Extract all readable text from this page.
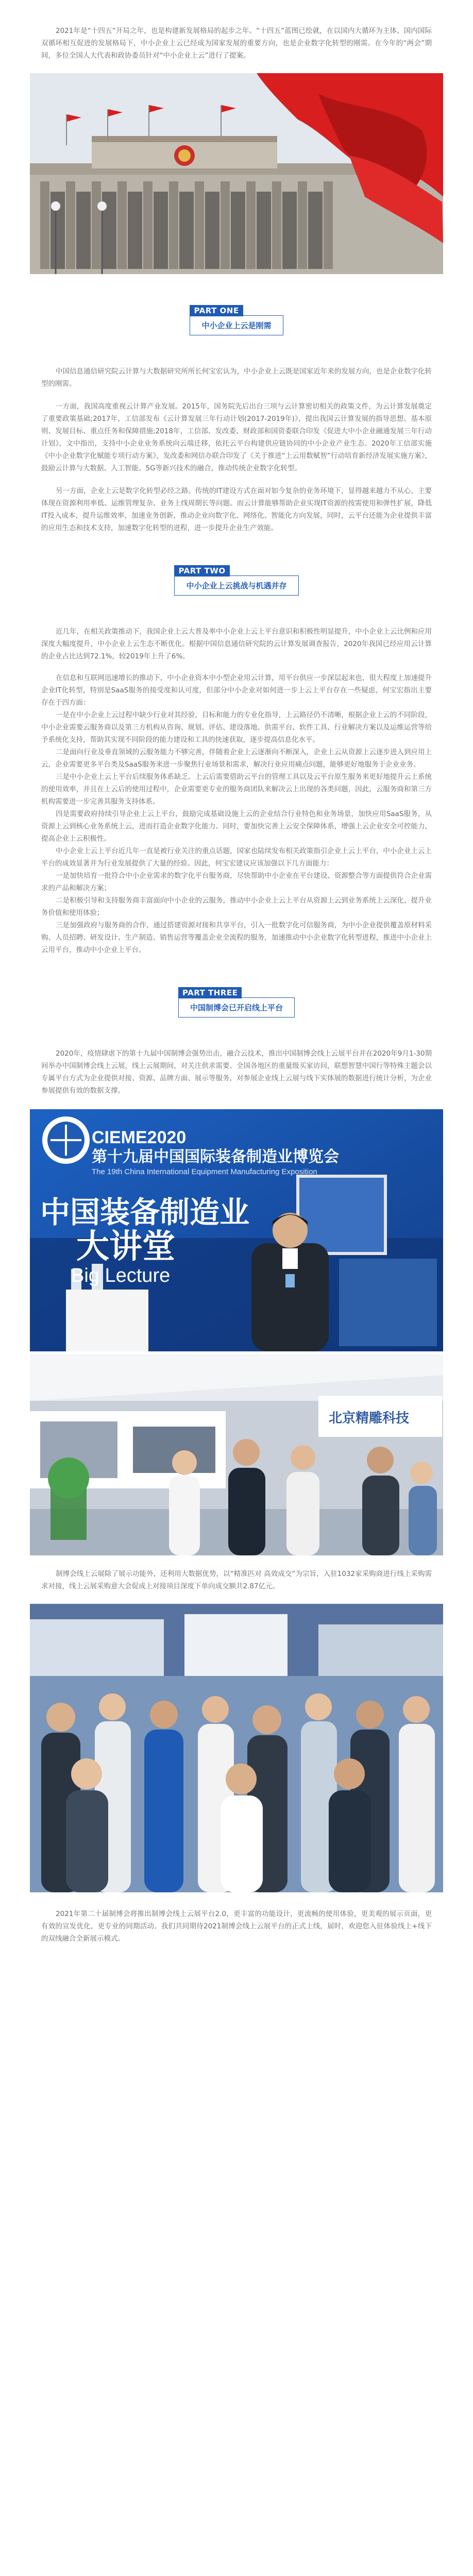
2021年是“十四五”开局之年，也是构建新发展格局的起步之年。“十四五”蓝图已绘就，在以国内大循环为主体、国内国际双循环相互促进的发展格局下，中小企业上云已经成为国家发展的重要方向，也是企业数字化转型的刚需。在今年的“两会”期间，多位全国人大代表和政协委员针对“中小企业上云”进行了提案。

PART ONE
中小企业上云是刚需

中国信息通信研究院云计算与大数据研究所所长何宝宏认为，中小企业上云既是国家近年来的发展方向，也是企业数字化转型的刚需。

一方面，我国高度重视云计算产业发展。2015年，国务院先后出台三项与云计算密切相关的政策文件，为云计算发展奠定了重要政策基础;2017年，工信部发布《云计算发展三年行动计划(2017-2019年)》，提出我国云计算发展的指导思想、基本原则、发展目标、重点任务和保障措施;2018年，工信部、发改委、财政部和国资委联合印发《促进大中小企业融通发展三年行动计划》，文中指出，支持中小企业业务系统向云端迁移，依托云平台构建供应链协同的中小企业产业生态。2020年工信部实施《中小企业数字化赋能专项行动方案》，发改委和网信办联合印发了《关于推进“上云用数赋智”行动培育新经济发展实施方案》，鼓励云计算与大数据、人工智能、5G等新兴技术的融合，推动传统企业数字化转型。

另一方面，企业上云是数字化转型必经之路。传统的IT建设方式在面对如今复杂的业务环境下，显得越来越力不从心，主要体现在资源利用率低、运维管理复杂、业务上线周期长等问题。而云计算能够帮助企业实现IT资源的按需使用和弹性扩展，降低IT投入成本，提升运维效率，加速业务创新，推动企业向数字化、网络化、智能化方向发展，同时，云平台还能为企业提供丰富的应用生态和技术支持，加速数字化转型的进程，进一步提升企业生产效能。

PART TWO
中小企业上云挑战与机遇并存

近几年，在相关政策推动下，我国企业上云大普及率中小企业上云上平台意识和积极性明显提升，中小企业上云比例和应用深度大幅度提升，中小企业上云生态不断优化。根据中国信息通信研究院的云计算发展调查报告，2020年我国已经应用云计算的企业占比达到72.1%，较2019年上升了6%。

在信息和互联网迅速增长的推动下，中小企业资本中小型企业用云计算，用平台供应一步深层起来也，很大程度上加速提升企业IT化转型，特别是SaaS服务的接受度和认可度，但部分中小企业对如何进一步上云上平台存在一些疑虑，何宝宏指出主要存在于四方面：

一是在中小企业上云过程中缺少行业对其经验，目标和能力的专业化指导，上云路径仍不清晰，根据企业上云的不同阶段，中小企业需要云服务商以及第三方机构从咨询、规划、评估、建设落地、供需平台、软件工具、行业解决方案以及运维运营等给予系统化支持，帮助其实现不同阶段的能力建设和工具的快速获取，逐步提高信息化水平。

二是面向行业及垂直领域的云服务能力不够完善，伴随着企业上云逐渐向不断深入，企业上云从资源上云逐步进入到应用上云，企业需要更多平台类及SaaS服务来进一步聚焦行业场景和需求，解决行业应用痛点问题，能够更好地服务于企业业务。

三是中小企业上云上平台后续服务体系缺乏。上云后需要借助云平台的管理工具以及云平台原生服务来更好地提升云上系统的使用效率，并且在上云后的使用过程中，企业需要更专业的服务商团队来解决云上出现的各类问题，因此，云服务商和第三方机构需要进一步完善其服务支持体系。

四是需要政府持续引导企业上云上平台，鼓励完成基础设施上云的企业结合行业特色和业务场景，加快应用SaaS服务，从资源上云到核心业务系统上云，进而打造企业数字化能力。同时，要加快完善上云安全保障体系，增强上云企业安全可控能力，提高企业上云积极性。

中小企业上云上平台近几年一直是被行业关注的重点话题，国家也陆续发布相关政策指引企业上云上平台，中小企业上云上平台的成效显著并为行业发展提供了大量的经验。因此，何宝宏建议应该加强以下几方面能力：

一是加快培育一批符合中小企业需求的数字化平台服务商，尽快帮助中小企业在平台建设、资源整合等方面提供符合企业需求的产品和解决方案；

二是积极引导和支持服务商丰富面向中小企业的云服务，推动中小企业上云上平台从资源上云到业务系统上云深化，提升业务价值和使用体验；

三是加强政府与服务商的合作，通过搭建资源对接和共享平台，引入一批数字化可信服务商，为中小企业提供覆盖原材料采购、人员招聘、研发设计、生产制造、销售运营等覆盖企业全流程的服务，加速推动中小企业数字化转型进程，推进中小企业上云用平台，推动中小企业上平台。

PART THREE
中国制博会已开启线上平台

2020年，疫情肆虐下的第十九届中国制博会强势出击，融合云技术，推出中国制博会线上云展平台并在2020年9月1-30期间举办中国制博会线上云展，线上云展期间，对关注供求需要、全国各地区的重量级买家访问，联想智慧中国行等特殊主题会以专属平台方式为企业提供对接、资源、品牌方面、展示等服务，对参展企业线上云展与线下实体展的数据进行统计分析，为企业参展提供有效的数据支撑。

CIEME2020
第十九届中国国际装备制造业博览会
The 19th China International Equipment Manufacturing Exposition
中国装备制造业
大讲堂
Big Lecture
北京精雕科技

制博会线上云展除了展示功能外，还利用大数据优势，以“精准匹对 高效成交”为宗旨，入驻1032家采购商进行线上采购需求对接，线上云展采购意大会促成上对接项目深度下单向成交额共2.87亿元。

2021年第二十届制博会将推出制博会线上云展平台2.0，更丰富的功能设计，更流畅的使用体验，更美观的展示页面，更有效的宣发优化，更专业的同期活动。我们共同期待2021制博会线上云展平台的正式上线，届时，欢迎您入驻体验线上+线下的双线融合全新展示模式。
